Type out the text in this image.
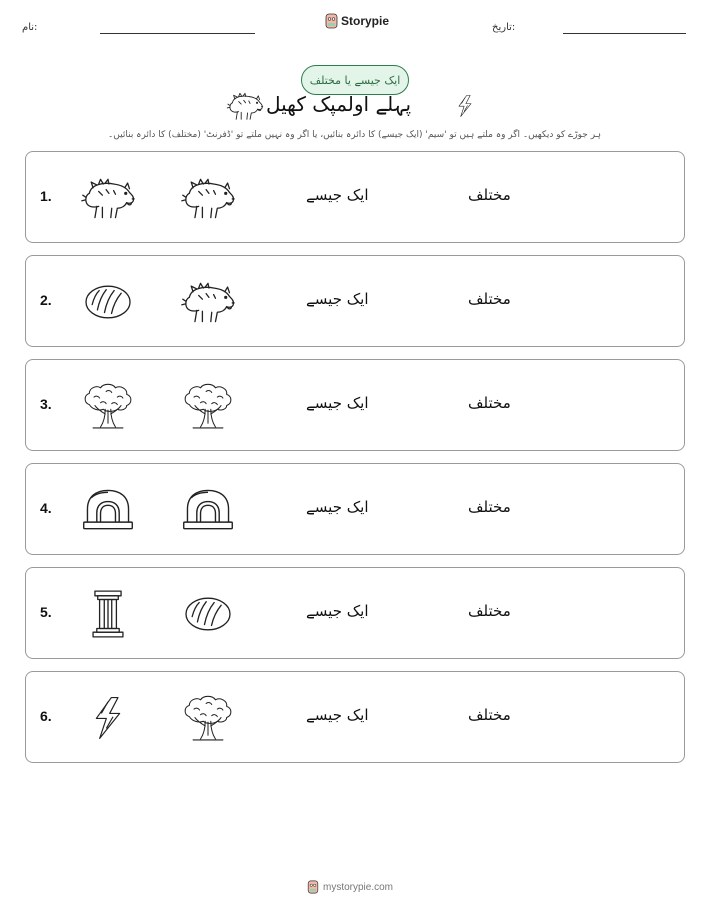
نام:	Storypie	تاریخ:
ایک جیسے یا مختلف
پہلے اولمپک کھیل
ہر جوڑے کو دیکھیں۔ اگر وہ ملتے ہیں تو 'سیم' (ایک جیسے) کا دائرہ بنائیں، یا اگر وہ نہیں ملتے تو 'ڈفرنٹ' (مختلف) کا دائرہ بنائیں۔
1.	ایک جیسے	مختلف
2.	ایک جیسے	مختلف
3.	ایک جیسے	مختلف
4.	ایک جیسے	مختلف
5.	ایک جیسے	مختلف
6.	ایک جیسے	مختلف
mystorypie.com
